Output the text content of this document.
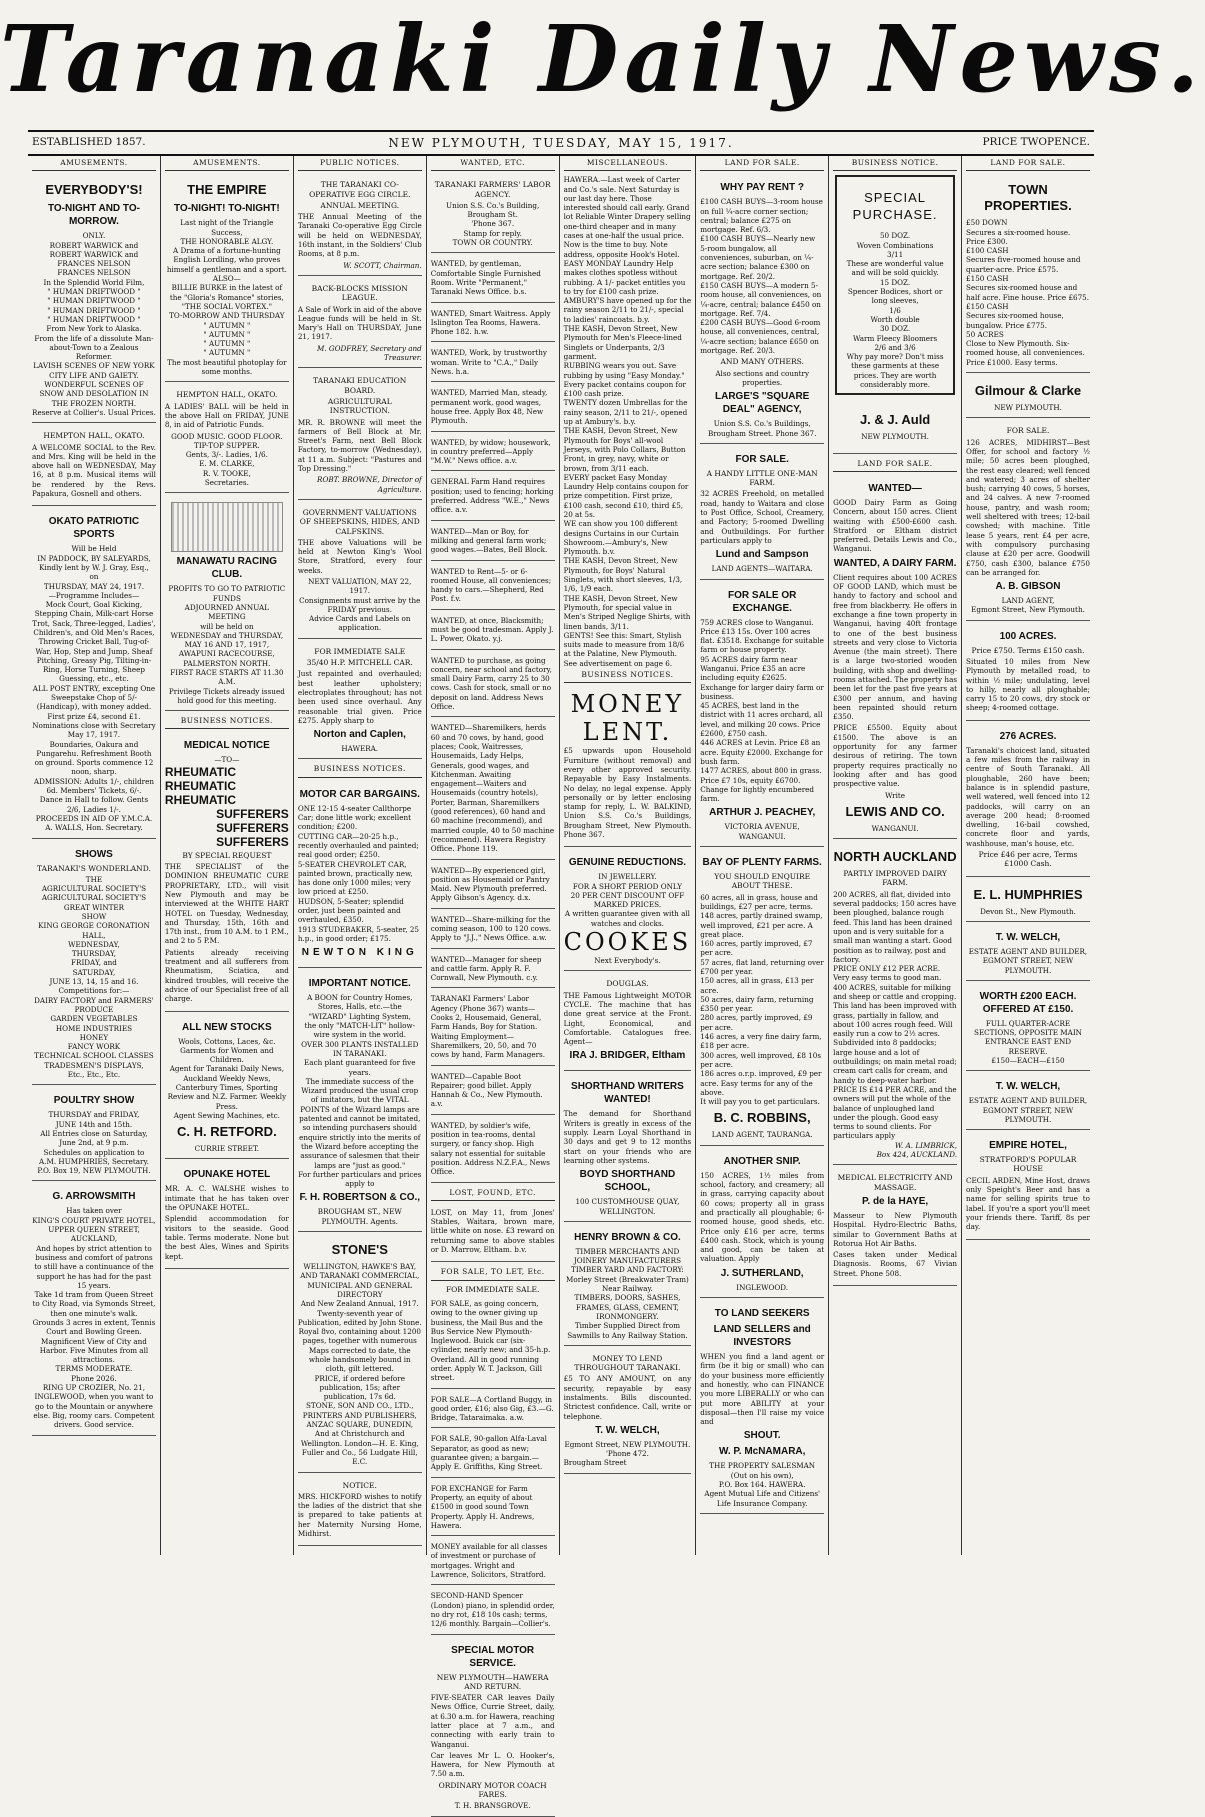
Taranaki Daily News.
ESTABLISHED 1857.	NEW PLYMOUTH, TUESDAY, MAY 15, 1917.	PRICE TWOPENCE.
AMUSEMENTS.
EVERYBODY'S!
TO-NIGHT AND TO-MORROW.
ONLY.
ROBERT WARWICK and
ROBERT WARWICK and
FRANCES NELSON
FRANCES NELSON
In the Splendid World Film,
" HUMAN DRIFTWOOD "
" HUMAN DRIFTWOOD "
" HUMAN DRIFTWOOD "
" HUMAN DRIFTWOOD "
From New York to Alaska.
From the life of a dissolute Man-about-Town to a Zealous Reformer.
LAVISH SCENES OF NEW YORK CITY LIFE AND GAIETY.
WONDERFUL SCENES OF SNOW AND DESOLATION IN THE FROZEN NORTH.
Reserve at Collier's. Usual Prices.
HEMPTON HALL, OKATO.

A WELCOME SOCIAL to the Rev. and Mrs. King will be held in the above hall on WEDNESDAY, May 16, at 8 p.m. Musical items will be rendered by the Revs. Papakura, Gosnell and others.

OKATO PATRIOTIC SPORTS
Will be Held
IN PADDOCK, BY SALEYARDS,
Kindly lent by W. J. Gray, Esq.,
on
THURSDAY, MAY 24, 1917.
—Programme Includes—
Mock Court, Goal Kicking, Stepping Chain, Milk-cart Horse Trot, Sack, Three-legged, Ladies', Children's, and Old Men's Races, Throwing Cricket Ball, Tug-of-War, Hop, Step and Jump, Sheaf Pitching, Greasy Pig, Tilting-in-Ring, Horse Turning, Sheep Guessing, etc., etc.
ALL POST ENTRY, excepting One Sweepstake Chop of 5/- (Handicap), with money added. First prize £4, second £1.
Nominations close with Secretary May 17, 1917.
Boundaries, Oakura and Pungarehu. Refreshment Booth on ground. Sports commence 12 noon, sharp.
ADMISSION: Adults 1/-, children 6d. Members' Tickets, 6/-.
Dance in Hall to follow. Gents 2/6, Ladies 1/-.
PROCEEDS IN AID OF Y.M.C.A.
A. WALLS, Hon. Secretary.
SHOWS
TARANAKI'S WONDERLAND.
THE
AGRICULTURAL SOCIETY'S
AGRICULTURAL SOCIETY'S
GREAT WINTER
SHOW
KING GEORGE CORONATION HALL,
WEDNESDAY,
THURSDAY,
FRIDAY, and
SATURDAY,
JUNE 13, 14, 15 and 16.
Competitions for:—
DAIRY FACTORY and FARMERS' PRODUCE
GARDEN VEGETABLES
HOME INDUSTRIES
HONEY
FANCY WORK
TECHNICAL SCHOOL CLASSES
TRADESMEN'S DISPLAYS,
Etc., Etc., Etc.
POULTRY SHOW
THURSDAY and FRIDAY,
JUNE 14th and 15th.
All Entries close on Saturday, June 2nd, at 9 p.m.
Schedules on application to
A.M. HUMPHRIES, Secretary.
P.O. Box 19, NEW PLYMOUTH.
G. ARROWSMITH
Has taken over
KING'S COURT PRIVATE HOTEL,
UPPER QUEEN STREET, AUCKLAND,
And hopes by strict attention to business and comfort of patrons to still have a continuance of the support he has had for the past 15 years.
Take 1d tram from Queen Street to City Road, via Symonds Street, then one minute's walk.
Grounds 3 acres in extent, Tennis Court and Bowling Green. Magnificent View of City and Harbor. Five Minutes from all attractions.
TERMS MODERATE.
Phone 2026.
RING UP CROZIER, No. 21, INGLEWOOD, when you want to go to the Mountain or anywhere else. Big, roomy cars. Competent drivers. Good service.
AMUSEMENTS.
THE EMPIRE
TO-NIGHT! TO-NIGHT!
Last night of the Triangle Success,
THE HONORABLE ALGY.
A Drama of a fortune-hunting English Lordling, who proves himself a gentleman and a sport.
ALSO—
BILLIE BURKE in the latest of the "Gloria's Romance" stories, "THE SOCIAL VORTEX."
TO-MORROW AND THURSDAY
" AUTUMN "
" AUTUMN "
" AUTUMN "
" AUTUMN "
The most beautiful photoplay for some months.
HEMPTON HALL, OKATO.

A LADIES' BALL will be held in the above Hall on FRIDAY, JUNE 8, in aid of Patriotic Funds.

GOOD MUSIC. GOOD FLOOR.
TIP-TOP SUPPER.
Gents, 3/-. Ladies, 1/6.
E. M. CLARKE,
R. V. TOOKE,
Secretaries.
MANAWATU RACING CLUB.
PROFITS TO GO TO PATRIOTIC FUNDS
ADJOURNED ANNUAL MEETING
will be held on
WEDNESDAY and THURSDAY,
MAY 16 AND 17, 1917,
AWAPUNI RACECOURSE,
PALMERSTON NORTH.
FIRST RACE STARTS AT 11.30 A.M.
Privilege Tickets already issued hold good for this meeting.
BUSINESS NOTICES.
MEDICAL NOTICE
—TO—
RHEUMATIC
RHEUMATIC
RHEUMATIC
SUFFERERS
SUFFERERS
SUFFERERS
BY SPECIAL REQUEST

THE SPECIALIST of the DOMINION RHEUMATIC CURE PROPRIETARY, LTD., will visit New Plymouth and may be interviewed at the WHITE HART HOTEL on Tuesday, Wednesday, and Thursday, 15th, 16th and 17th inst., from 10 A.M. to 1 P.M., and 2 to 5 P.M.

Patients already receiving treatment and all sufferers from Rheumatism, Sciatica, and kindred troubles, will receive the advice of our Specialist free of all charge.

ALL NEW STOCKS
Wools, Cottons, Laces, &c.
Garments for Women and Children.
Agent for Taranaki Daily News, Auckland Weekly News, Canterbury Times, Sporting Review and N.Z. Farmer. Weekly Press.
Agent Sewing Machines, etc.
C. H. RETFORD.
CURRIE STREET.
OPUNAKE HOTEL

MR. A. C. WALSHE wishes to intimate that he has taken over the OPUNAKE HOTEL.

Splendid accommodation for visitors to the seaside. Good table. Terms moderate. None but the best Ales, Wines and Spirits kept.

PUBLIC NOTICES.
THE TARANAKI CO-OPERATIVE EGG CIRCLE.
ANNUAL MEETING.

THE Annual Meeting of the Taranaki Co-operative Egg Circle will be held on WEDNESDAY, 16th instant, in the Soldiers' Club Rooms, at 8 p.m.

W. SCOTT, Chairman.
BACK-BLOCKS MISSION LEAGUE.

A Sale of Work in aid of the above League funds will be held in St. Mary's Hall on THURSDAY, June 21, 1917.

M. GODFREY, Secretary and Treasurer.
TARANAKI EDUCATION BOARD.
AGRICULTURAL INSTRUCTION.

MR. R. BROWNE will meet the farmers of Bell Block at Mr. Street's Farm, next Bell Block Factory, to-morrow (Wednesday), at 11 a.m. Subject: "Pastures and Top Dressing."

ROBT. BROWNE, Director of Agriculture.
GOVERNMENT VALUATIONS OF SHEEPSKINS, HIDES, AND CALFSKINS.

THE above Valuations will be held at Newton King's Wool Store, Stratford, every four weeks.

NEXT VALUATION, MAY 22, 1917.
Consignments must arrive by the FRIDAY previous.
Advice Cards and Labels on application.
FOR IMMEDIATE SALE
35/40 H.P. MITCHELL CAR.

Just repainted and overhauled; best leather upholstery; electroplates throughout; has not been used since overhaul. Any reasonable trial given. Price £275. Apply sharp to

Norton and Caplen,
HAWERA.
BUSINESS NOTICES.
MOTOR CAR BARGAINS.
ONE 12-15 4-seater Callthorpe Car; done little work; excellent condition; £200.
CUTTING CAR—20-25 h.p., recently overhauled and painted; real good order; £250.
5-SEATER CHEVROLET CAR, painted brown, practically new, has done only 1000 miles; very low priced at £250.
HUDSON, 5-Seater; splendid order, just been painted and overhauled, £350.
1913 STUDEBAKER, 5-seater, 25 h.p., in good order; £175.
NEWTON KING
IMPORTANT NOTICE.
A BOON for Country Homes, Stores, Halls, etc.—the
"WIZARD" Lighting System,
the only "MATCH-LIT" hollow-wire system in the world.
OVER 300 PLANTS INSTALLED IN TARANAKI.
Each plant guaranteed for five years.
The immediate success of the Wizard produced the usual crop of imitators, but the VITAL POINTS of the Wizard lamps are patented and cannot be imitated, so intending purchasers should enquire strictly into the merits of the Wizard before accepting the assurance of salesmen that their lamps are "just as good."
For further particulars and prices apply to
F. H. ROBERTSON & CO.,
BROUGHAM ST., NEW PLYMOUTH. Agents.
STONE'S
WELLINGTON, HAWKE'S BAY, AND TARANAKI COMMERCIAL, MUNICIPAL AND GENERAL DIRECTORY
And New Zealand Annual, 1917.
Twenty-seventh year of Publication, edited by John Stone. Royal 8vo, containing about 1200 pages, together with numerous Maps corrected to date, the whole handsomely bound in cloth, gilt lettered.
PRICE, if ordered before publication, 15s; after publication, 17s 6d.
STONE, SON AND CO., LTD.,
PRINTERS AND PUBLISHERS, ANZAC SQUARE, DUNEDIN,
And at Christchurch and Wellington. London—H. E. King, Fuller and Co., 56 Ludgate Hill, E.C.
NOTICE.

MRS. HICKFORD wishes to notify the ladies of the district that she is prepared to take patients at her Maternity Nursing Home, Midhirst.

WANTED, ETC.
TARANAKI FARMERS' LABOR AGENCY.
Union S.S. Co.'s Building, Brougham St.
'Phone 367.
Stamp for reply.
TOWN OR COUNTRY.
WANTED, by gentleman, Comfortable Single Furnished Room. Write "Permanent," Taranaki News Office. b.s.
WANTED, Smart Waitress. Apply Islington Tea Rooms, Hawera. Phone 182. h.w.
WANTED, Work, by trustworthy woman. Write to "C.A.," Daily News. h.a.
WANTED, Married Man, steady, permanent work, good wages, house free. Apply Box 48, New Plymouth.
WANTED, by widow; housework, in country preferred—Apply "M.W." News office. a.v.
GENERAL Farm Hand requires position; used to fencing; horking preferred. Address "W.E.," News office. a.v.
WANTED—Man or Boy, for milking and general farm work; good wages.—Bates, Bell Block.
WANTED to Rent—5- or 6-roomed House, all conveniences; handy to cars.—Shepherd, Red Post. f.v.
WANTED, at once, Blacksmith; must be good tradesman. Apply J. L. Power, Okato. y.j.
WANTED to purchase, as going concern, near school and factory, small Dairy Farm, carry 25 to 30 cows. Cash for stock, small or no deposit on land. Address News Office.
WANTED—Sharemilkers, herds 60 and 70 cows, by hand, good places; Cook, Waitresses, Housemaids, Lady Helps, Generals, good wages, and Kitchenman. Awaiting engagement—Waiters and Housemaids (country hotels), Porter, Barman, Sharemilkers (good references), 60 hand and 60 machine (recommend), and married couple, 40 to 50 machine (recommend). Hawera Registry Office. Phone 119.
WANTED—By experienced girl, position as Housemaid or Pantry Maid. New Plymouth preferred. Apply Gibson's Agency. d.x.
WANTED—Share-milking for the coming season, 100 to 120 cows. Apply to "J.J.," News Office. a.w.
WANTED—Manager for sheep and cattle farm. Apply R. F. Cornwall, New Plymouth. c.y.
TARANAKI Farmers' Labor Agency (Phone 367) wants—Cooks 2, Housemaid, General, Farm Hands, Boy for Station. Waiting Employment—Sharemilkers, 20, 50, and 70 cows by hand, Farm Managers.
WANTED—Capable Boot Repairer; good billet. Apply Hannah & Co., New Plymouth. a.v.
WANTED, by soldier's wife, position in tea-rooms, dental surgery, or fancy shop. High salary not essential for suitable position. Address N.Z.F.A., News Office.
LOST, FOUND, ETC.

LOST, on May 11, from Jones' Stables, Waitara, brown mare, little white on nose. £3 reward on returning same to above stables or D. Marrow, Eltham. b.v.

FOR SALE, TO LET, Etc.
FOR IMMEDIATE SALE.
FOR SALE, as going concern, owing to the owner giving up business, the Mail Bus and the Bus Service New Plymouth-Inglewood. Buick car (six-cylinder, nearly new; and 35-h.p. Overland. All in good running order. Apply W. T. Jackson, Gill street.
FOR SALE—A Cortland Buggy, in good order, £16; also Gig, £3.—G. Bridge, Tataraimaka. a.w.
FOR SALE, 90-gallon Alfa-Laval Separator, as good as new; guarantee given; a bargain.—Apply E. Griffiths, King Street.
FOR EXCHANGE for Farm Property, an equity of about £1500 in good sound Town Property. Apply H. Andrews, Hawera.
MONEY available for all classes of investment or purchase of mortgages. Wright and Lawrence, Solicitors, Stratford.
SECOND-HAND Spencer (London) piano, in splendid order, no dry rot, £18 10s cash; terms, 12/6 monthly. Bargain—Collier's.
SPECIAL MOTOR SERVICE.
NEW PLYMOUTH—HAWERA AND RETURN.

FIVE-SEATER CAR leaves Daily News Office, Currie Street, daily, at 6.30 a.m. for Hawera, reaching latter place at 7 a.m., and connecting with early train to Wanganui.

Car leaves Mr L. O. Hooker's, Hawera, for New Plymouth at 7.50 a.m.

ORDINARY MOTOR COACH FARES.
T. H. BRANSGROVE.
MISCELLANEOUS.
HAWERA.—Last week of Carter and Co.'s sale. Next Saturday is our last day here. Those interested should call early. Grand lot Reliable Winter Drapery selling one-third cheaper and in many cases at one-half the usual price. Now is the time to buy. Note address, opposite Hook's Hotel.
EASY MONDAY Laundry Help makes clothes spotless without rubbing. A 1/- packet entitles you to try for £100 cash prize.
AMBURY'S have opened up for the rainy season 2/11 to 21/-, special to ladies' raincoats. b.y.
THE KASH, Devon Street, New Plymouth for Men's Fleece-lined Singlets or Underpants, 2/3 garment.
RUBBING wears you out. Save rubbing by using "Easy Monday." Every packet contains coupon for £100 cash prize.
TWENTY dozen Umbrellas for the rainy season, 2/11 to 21/-, opened up at Ambury's. b.y.
THE KASH, Devon Street, New Plymouth for Boys' all-wool Jerseys, with Polo Collars, Button Front, in grey, navy, white or brown, from 3/11 each.
EVERY packet Easy Monday Laundry Help contains coupon for prize competition. First prize, £100 cash, second £10, third £5, 20 at 5s.
WE can show you 100 different designs Curtains in our Curtain Showroom.—Ambury's, New Plymouth. b.v.
THE KASH, Devon Street, New Plymouth, for Boys' Natural Singlets, with short sleeves, 1/3, 1/6, 1/9 each.
THE KASH, Devon Street, New Plymouth, for special value in Men's Striped Neglige Shirts, with linen bands, 3/11.
GENTS! See this: Smart, Stylish suits made to measure from 18/6 at the Palatine, New Plymouth. See advertisement on page 6.
BUSINESS NOTICES.
MONEY LENT.

£5 upwards upon Household Furniture (without removal) and every other approved security. Repayable by Easy Instalments. No delay, no legal expense. Apply personally or by letter enclosing stamp for reply, L. W. BALKIND, Union S.S. Co.'s Buildings, Brougham Street, New Plymouth. Phone 367.

GENUINE REDUCTIONS.
IN JEWELLERY.
FOR A SHORT PERIOD ONLY
20 PER CENT DISCOUNT OFF MARKED PRICES.
A written guarantee given with all watches and clocks.
COOKES
Next Everybody's.
DOUGLAS.

THE Famous Lightweight MOTOR CYCLE. The machine that has done great service at the Front. Light, Economical, and Comfortable. Catalogues free. Agent—

IRA J. BRIDGER, Eltham
SHORTHAND WRITERS WANTED!

The demand for Shorthand Writers is greatly in excess of the supply. Learn Loyal Shorthand in 30 days and get 9 to 12 months start on your friends who are learning other systems.

BOYD SHORTHAND SCHOOL,
100 CUSTOMHOUSE QUAY, WELLINGTON.
HENRY BROWN & CO.
TIMBER MERCHANTS AND
JOINERY MANUFACTURERS
TIMBER YARD AND FACTORY: Morley Street (Breakwater Tram) Near Railway.
TIMBERS, DOORS, SASHES,
FRAMES, GLASS, CEMENT,
IRONMONGERY.
Timber Supplied Direct from Sawmills to Any Railway Station.
MONEY TO LEND THROUGHOUT TARANAKI.

£5 TO ANY AMOUNT, on any security, repayable by easy instalments. Bills discounted. Strictest confidence. Call, write or telephone.

T. W. WELCH,
Egmont Street, NEW PLYMOUTH. 'Phone 472.
Brougham Street
LAND FOR SALE.
WHY PAY RENT ?
£100 CASH BUYS—3-room house on full ¼-acre corner section; central; balance £275 on mortgage. Ref. 6/3.
£100 CASH BUYS—Nearly new 5-room bungalow, all conveniences, suburban, on ¼-acre section; balance £300 on mortgage. Ref. 20/2.
£150 CASH BUYS—A modern 5-room house, all conveniences, on ¼-acre, central; balance £450 on mortgage. Ref. 7/4.
£200 CASH BUYS—Good 6-room house, all conveniences, central, ¼-acre section; balance £650 on mortgage. Ref. 20/3.
AND MANY OTHERS.
Also sections and country properties.
LARGE'S "SQUARE DEAL" AGENCY,
Union S.S. Co.'s Buildings, Brougham Street. Phone 367.
FOR SALE.
A HANDY LITTLE ONE-MAN FARM.

32 ACRES Freehold, on metalled road, handy to Waitara and close to Post Office, School, Creamery, and Factory; 5-roomed Dwelling and Outbuildings. For further particulars apply to

Lund and Sampson
LAND AGENTS—WAITARA.
FOR SALE OR EXCHANGE.
759 ACRES close to Wanganui. Price £13 15s. Over 100 acres flat. £3518. Exchange for suitable farm or house property.
95 ACRES dairy farm near Wanganui. Price £35 an acre including equity £2625. Exchange for larger dairy farm or business.
45 ACRES, best land in the district with 11 acres orchard, all level, and milking 20 cows. Price £2600, £750 cash.
446 ACRES at Levin. Price £8 an acre. Equity £2000. Exchange for bush farm.
1477 ACRES, about 800 in grass. Price £7 10s, equity £6700. Change for lightly encumbered farm.
ARTHUR J. PEACHEY,
VICTORIA AVENUE, WANGANUI.
BAY OF PLENTY FARMS.
YOU SHOULD ENQUIRE ABOUT THESE.
60 acres, all in grass, house and buildings, £27 per acre, terms.
148 acres, partly drained swamp, well improved, £21 per acre. A great place.
160 acres, partly improved, £7 per acre.
57 acres, flat land, returning over £700 per year.
150 acres, all in grass, £13 per acre.
50 acres, dairy farm, returning £350 per year.
280 acres, partly improved, £9 per acre.
146 acres, a very fine dairy farm, £18 per acre.
300 acres, well improved, £8 10s per acre.
186 acres o.r.p. improved, £9 per acre. Easy terms for any of the above.
It will pay you to get particulars.
B. C. ROBBINS,
LAND AGENT, TAURANGA.
ANOTHER SNIP.

150 ACRES, 1½ miles from school, factory, and creamery; all in grass, carrying capacity about 60 cows; property all in grass and practically all ploughable; 6-roomed house, good sheds, etc. Price only £16 per acre, terms £400 cash. Stock, which is young and good, can be taken at valuation. Apply

J. SUTHERLAND,
INGLEWOOD.
TO LAND SEEKERS
LAND SELLERS and INVESTORS

WHEN you find a land agent or firm (be it big or small) who can do your business more efficiently and honestly, who can FINANCE you more LIBERALLY or who can put more ABILITY at your disposal—then I'll raise my voice and

SHOUT.
W. P. McNAMARA,
THE PROPERTY SALESMAN
(Out on his own),
P.O. Box 164. HAWERA.
Agent Mutual Life and Citizens' Life Insurance Company.
BUSINESS NOTICE.
SPECIAL PURCHASE.
50 DOZ.
Woven Combinations
3/11
These are wonderful value and will be sold quickly.
15 DOZ.
Spencer Bodices, short or long sleeves,
1/6
Worth double
30 DOZ.
Warm Fleecy Bloomers
2/6 and 3/6
Why pay more? Don't miss these garments at these prices. They are worth considerably more.
J. & J. Auld
NEW PLYMOUTH.
LAND FOR SALE.
WANTED—

GOOD Dairy Farm as Going Concern, about 150 acres. Client waiting with £500-£600 cash. Stratford or Eltham district preferred. Details Lewis and Co., Wanganui.

WANTED, A DAIRY FARM.

Client requires about 100 ACRES OF GOOD LAND, which must be handy to factory and school and free from blackberry. He offers in exchange a fine town property in Wanganui, having 40ft frontage to one of the best business streets and very close to Victoria Avenue (the main street). There is a large two-storied wooden building, with shop and dwelling-rooms attached. The property has been let for the past five years at £300 per annum, and having been repainted should return £350.

PRICE £5500. Equity about £1500. The above is an opportunity for any farmer desirous of retiring. The town property requires practically no looking after and has good prospective value.

Write
LEWIS AND CO.
WANGANUI.
NORTH AUCKLAND
PARTLY IMPROVED DAIRY FARM.
200 ACRES, all flat, divided into several paddocks; 150 acres have been ploughed, balance rough feed. This land has been drained upon and is very suitable for a small man wanting a start. Good position as to railway, post and factory.
PRICE ONLY £12 PER ACRE. Very easy terms to good man.
400 ACRES, suitable for milking and sheep or cattle and cropping. This land has been improved with grass, partially in fallow, and about 100 acres rough feed. Will easily run a cow to 2½ acres. Subdivided into 8 paddocks; large house and a lot of outbuildings; on main metal road; cream cart calls for cream, and handy to deep-water harbor. PRICE IS £14 PER ACRE, and the owners will put the whole of the balance of unploughed land under the plough. Good easy terms to sound clients. For particulars apply
W. A. LIMBRICK,
Box 424, AUCKLAND.
MEDICAL ELECTRICITY AND MASSAGE.
P. de la HAYE,

Masseur to New Plymouth Hospital. Hydro-Electric Baths, similar to Government Baths at Rotorua Hot Air Baths.

Cases taken under Medical Diagnosis. Rooms, 67 Vivian Street. Phone 508.

LAND FOR SALE.
TOWN PROPERTIES.
£50 DOWN
Secures a six-roomed house. Price £300.
£100 CASH
Secures five-roomed house and quarter-acre. Price £575.
£150 CASH
Secures six-roomed house and half acre. Fine house. Price £675.
£150 CASH
Secures six-roomed house, bungalow. Price £775.
50 ACRES
Close to New Plymouth. Six-roomed house, all conveniences. Price £1000. Easy terms.
Gilmour & Clarke
NEW PLYMOUTH.
FOR SALE.

126 ACRES, MIDHIRST—Best Offer, for school and factory ½ mile; 50 acres been ploughed, the rest easy cleared; well fenced and watered; 3 acres of shelter bush; carrying 40 cows, 5 horses, and 24 calves. A new 7-roomed house, pantry, and wash room; well sheltered with trees; 12-bail cowshed; with machine. Title lease 5 years, rent £4 per acre, with compulsory purchasing clause at £20 per acre. Goodwill £750, cash £300, balance £750 can be arranged for.

A. B. GIBSON
LAND AGENT,
Egmont Street, New Plymouth.
100 ACRES.
Price £750. Terms £150 cash.

Situated 10 miles from New Plymouth by metalled road, to within ½ mile; undulating, level to hilly, nearly all ploughable; carry 15 to 20 cows, dry stock or sheep; 4-roomed cottage.

276 ACRES.

Taranaki's choicest land, situated a few miles from the railway in centre of South Taranaki. All ploughable, 260 have been; balance is in splendid pasture, well watered, well fenced into 12 paddocks, will carry on an average 200 head; 8-roomed dwelling, 16-bail cowshed, concrete floor and yards, washhouse, man's house, etc.

Price £46 per acre, Terms £1000 Cash.
E. L. HUMPHRIES
Devon St., New Plymouth.
T. W. WELCH,
ESTATE AGENT AND BUILDER,
EGMONT STREET, NEW PLYMOUTH.
WORTH £200 EACH. OFFERED AT £150.
FULL QUARTER-ACRE SECTIONS, OPPOSITE MAIN ENTRANCE EAST END RESERVE.
£150—EACH—£150
T. W. WELCH,
ESTATE AGENT AND BUILDER,
EGMONT STREET, NEW PLYMOUTH.
EMPIRE HOTEL,
STRATFORD'S POPULAR HOUSE

CECIL ARDEN, Mine Host, draws only Speight's Beer and has a name for selling spirits true to label. If you're a sport you'll meet your friends there. Tariff, 8s per day.
